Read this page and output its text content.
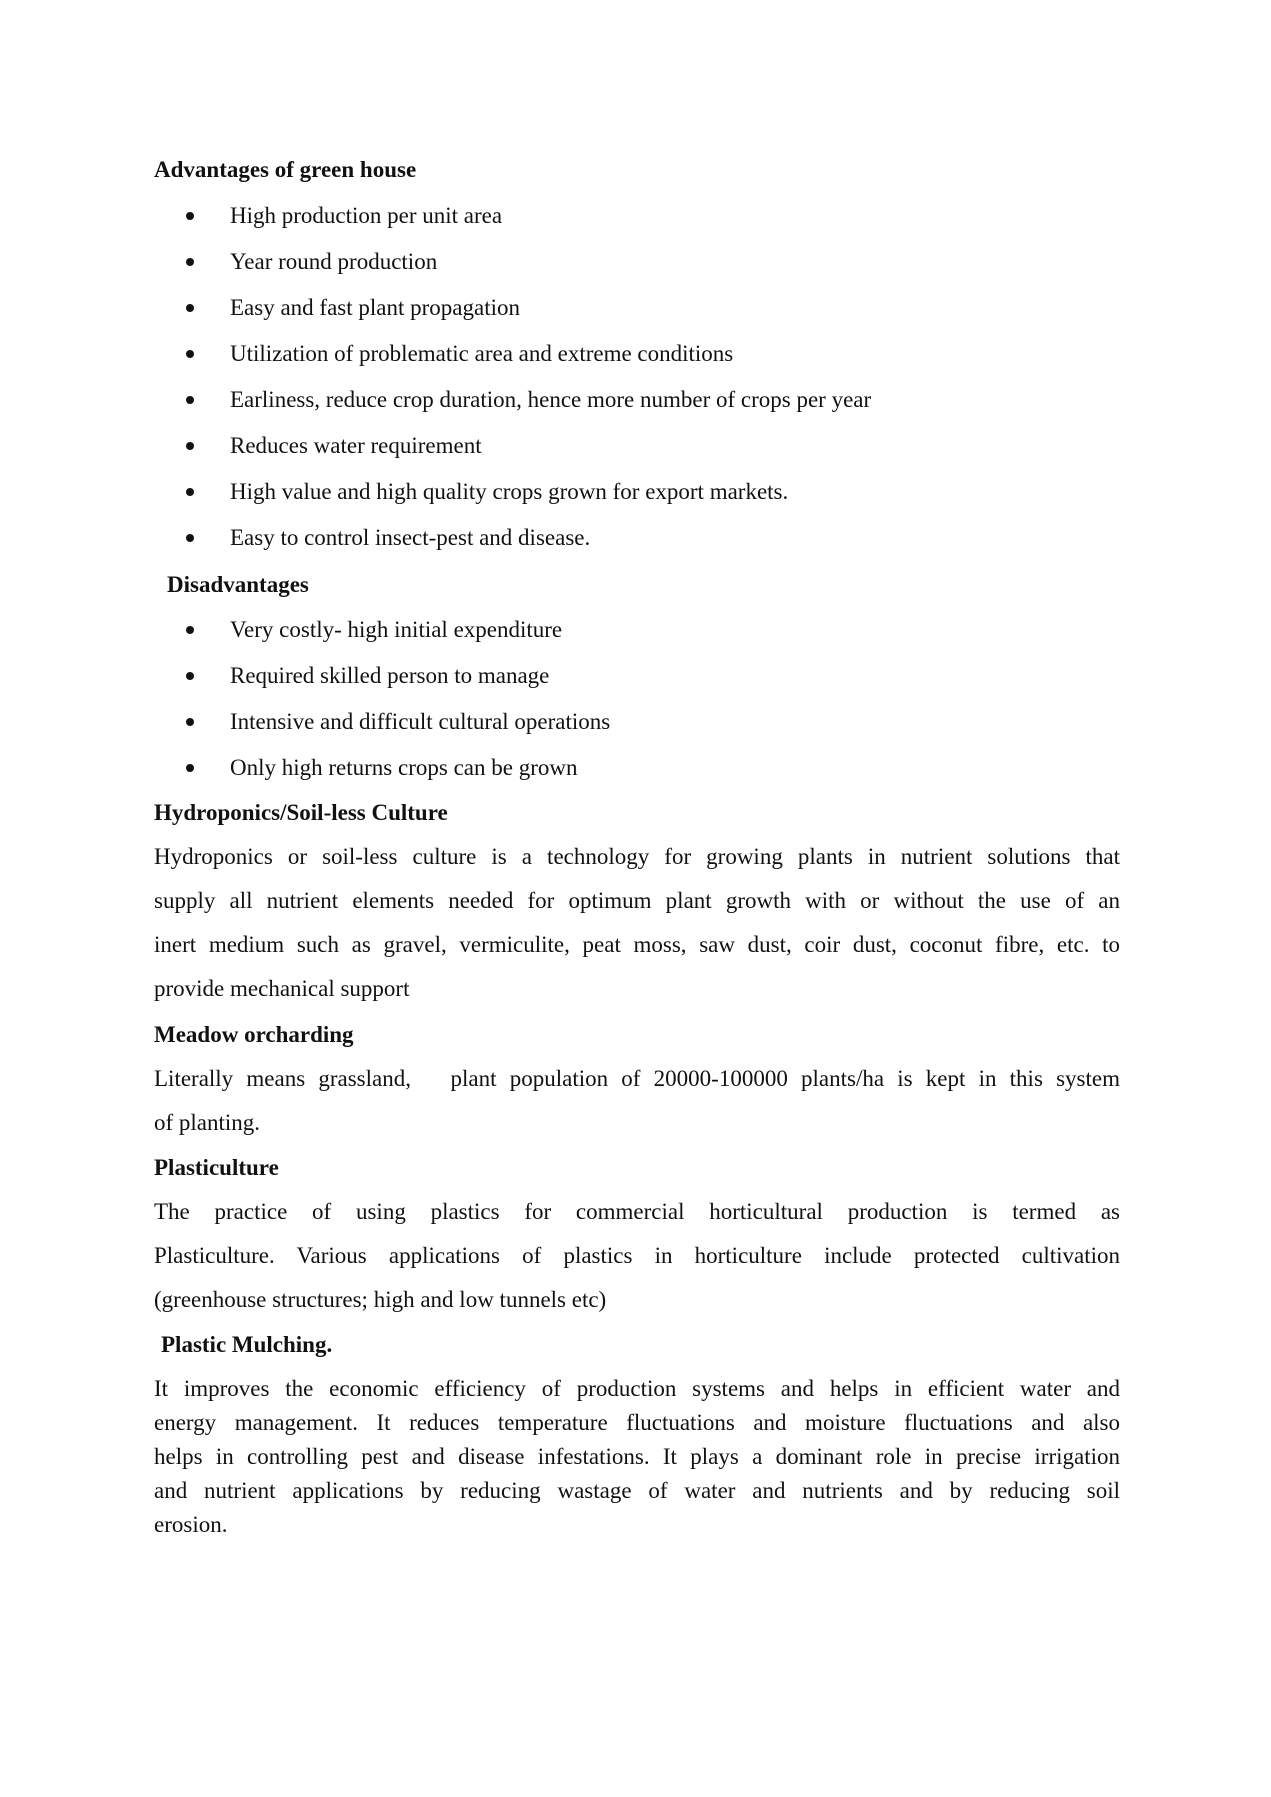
Advantages of green house
High production per unit area
Year round production
Easy and fast plant propagation
Utilization of problematic area and extreme conditions
Earliness, reduce crop duration, hence more number of crops per year
Reduces water requirement
High value and high quality crops grown for export markets.
Easy to control insect-pest and disease.
Disadvantages
Very costly- high initial expenditure
Required skilled person to manage
Intensive and difficult cultural operations
Only high returns crops can be grown
Hydroponics/Soil-less Culture
Hydroponics or soil-less culture is a technology for growing plants in nutrient solutions that
supply all nutrient elements needed for optimum plant growth with or without the use of an
inert medium such as gravel, vermiculite, peat moss, saw dust, coir dust, coconut fibre, etc. to
provide mechanical support
Meadow orcharding
Literally means grassland,   plant population of 20000-100000 plants/ha is kept in this system
of planting.
Plasticulture
The practice of using plastics for commercial horticultural production is termed as
Plasticulture. Various applications of plastics in horticulture include protected cultivation
(greenhouse structures; high and low tunnels etc)
Plastic Mulching.
It improves the economic efficiency of production systems and helps in efficient water and
energy management. It reduces temperature fluctuations and moisture fluctuations and also
helps in controlling pest and disease infestations. It plays a dominant role in precise irrigation
and nutrient applications by reducing wastage of water and nutrients and by reducing soil
erosion.
